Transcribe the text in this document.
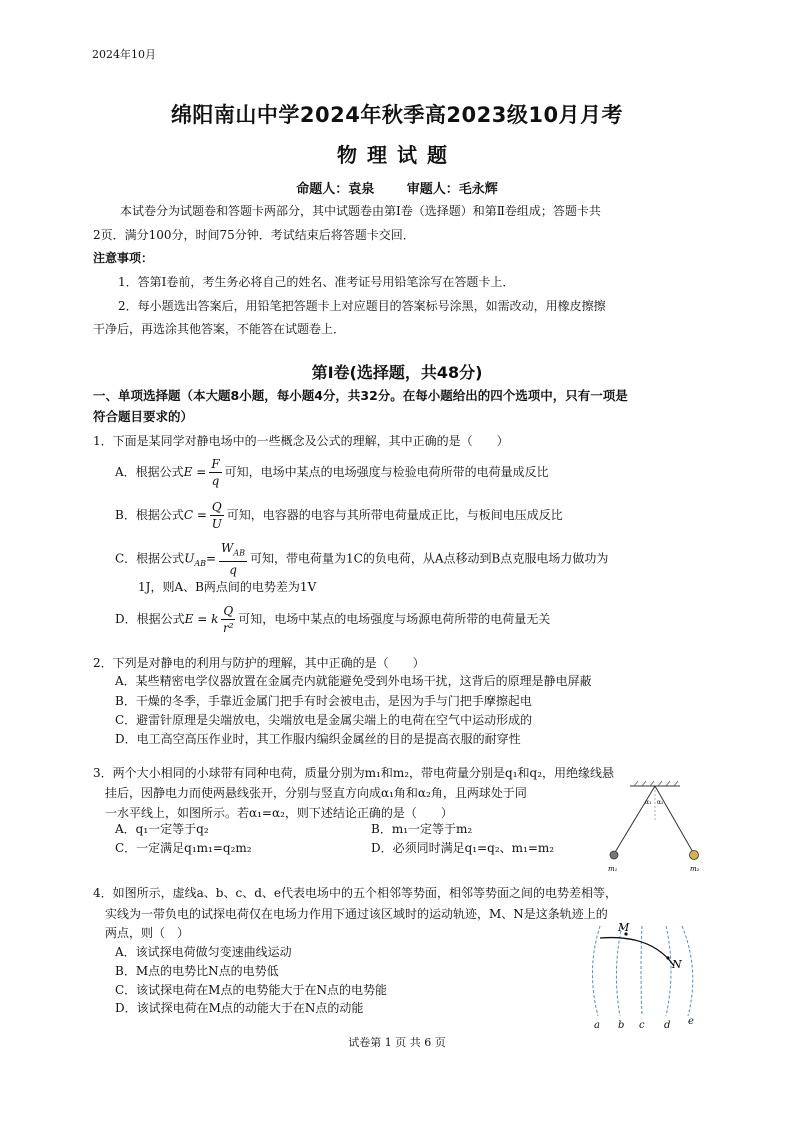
2024年10月
绵阳南山中学2024年秋季高2023级10月月考
物理试题
命题人：袁泉	审题人：毛永辉
本试卷分为试题卷和答题卡两部分，其中试题卷由第Ⅰ卷（选择题）和第Ⅱ卷组成；答题卡共
2页．满分100分，时间75分钟．考试结束后将答题卡交回．
注意事项：
1．答第Ⅰ卷前，考生务必将自己的姓名、准考证号用铅笔涂写在答题卡上．
2．每小题选出答案后，用铅笔把答题卡上对应题目的答案标号涂黑，如需改动，用橡皮擦擦
干净后，再选涂其他答案，不能答在试题卷上．
第Ⅰ卷(选择题，共48分)
一、单项选择题（本大题8小题，每小题4分，共32分。在每小题给出的四个选项中，只有一项是
符合题目要求的）
1．下面是某同学对静电场中的一些概念及公式的理解，其中正确的是（　　）
A．根据公式$E = \frac{F}{q}$ 可知，电场中某点的电场强度与检验电荷所带的电荷量成反比
B．根据公式$C = \frac{Q}{U}$ 可知，电容器的电容与其所带电荷量成正比，与板间电压成反比
C．根据公式$U_{AB}= \frac{W_{AB}}{q}$ 可知，带电荷量为1C的负电荷，从A点移动到B点克服电场力做功为
1J，则A、B两点间的电势差为1V
D．根据公式E = k $\frac{Q}{\text{r²}}$ 可知，电场中某点的电场强度与场源电荷所带的电荷量无关
2．下列是对静电的利用与防护的理解，其中正确的是（　　）
A．某些精密电学仪器放置在金属壳内就能避免受到外电场干扰，这背后的原理是静电屏蔽
B．干燥的冬季，手靠近金属门把手有时会被电击，是因为手与门把手摩擦起电
C．避雷针原理是尖端放电，尖端放电是金属尖端上的电荷在空气中运动形成的
D．电工高空高压作业时，其工作服内编织金属丝的目的是提高衣服的耐穿性
3．两个大小相同的小球带有同种电荷，质量分别为m₁和m₂，带电荷量分别是q₁和q₂，用绝缘线悬
挂后，因静电力而使两悬线张开，分别与竖直方向成α₁角和α₂角，且两球处于同
一水平线上，如图所示。若α₁=α₂，则下述结论正确的是（　　）
A．q₁一定等于q₂	B．m₁一定等于m₂
C．一定满足q₁m₁=q₂m₂	D．必须同时满足q₁=q₂、m₁=m₂
α₁ α₂
m₁	m₂
4．如图所示，虚线a、b、c、d、e代表电场中的五个相邻等势面，相邻等势面之间的电势差相等，
实线为一带负电的试探电荷仅在电场力作用下通过该区域时的运动轨迹，M、N是这条轨迹上的
两点，则（　）
A．该试探电荷做匀变速曲线运动
B．M点的电势比N点的电势低
C．该试探电荷在M点的电势能大于在N点的电势能
D．该试探电荷在M点的动能大于在N点的动能
M
N
a b c d e
试卷第 1 页 共 6 页
